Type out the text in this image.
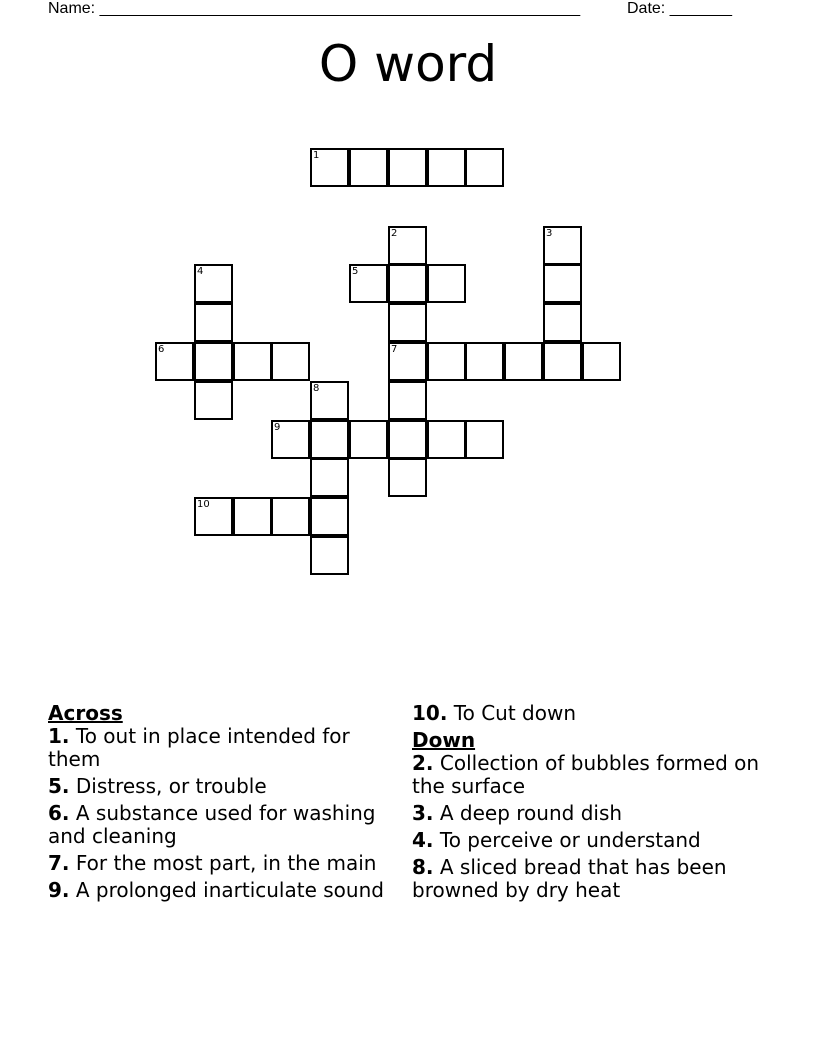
Name: ______________________________________________________	Date: _______
O word
1
2	3
4	5
6	7
8
9
10
Across
1. To out in place intended for them
5. Distress, or trouble
6. A substance used for washing and cleaning
7. For the most part, in the main
9. A prolonged inarticulate sound
10. To Cut down
Down
2. Collection of bubbles formed on the surface
3. A deep round dish
4. To perceive or understand
8. A sliced bread that has been browned by dry heat
